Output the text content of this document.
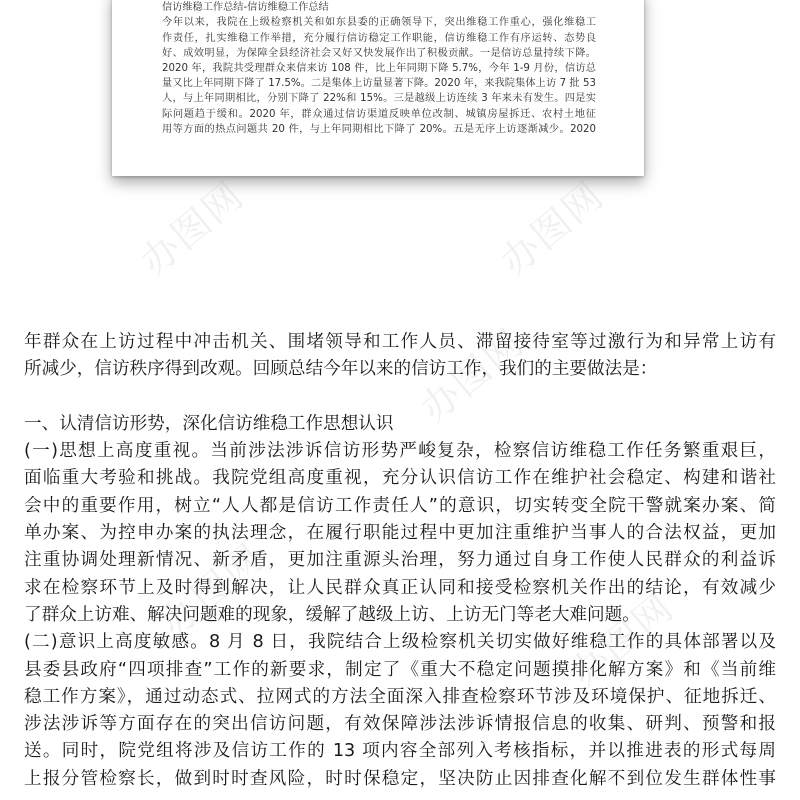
信访维稳工作总结-信访维稳工作总结

今年以来，我院在上级检察机关和如东县委的正确领导下，突出维稳工作重心，强化维稳工

作责任，扎实维稳工作举措，充分履行信访稳定工作职能，信访维稳工作有序运转、态势良

好、成效明显，为保障全县经济社会又好又快发展作出了积极贡献。一是信访总量持续下降。

2020 年，我院共受理群众来信来访 108 件，比上年同期下降 5.7%，今年 1-9 月份，信访总

量又比上年同期下降了 17.5%。二是集体上访量显著下降。2020 年，来我院集体上访 7 批 53

人，与上年同期相比，分别下降了 22%和 15%。三是越级上访连续 3 年来未有发生。四是实

际问题趋于缓和。2020 年，群众通过信访渠道反映单位改制、城镇房屋拆迁、农村土地征

用等方面的热点问题共 20 件，与上年同期相比下降了 20%。五是无序上访逐渐减少。2020

办图网	办图网
办图网
办图网	办图网

年群众在上访过程中冲击机关、围堵领导和工作人员、滞留接待室等过激行为和异常上访有

所减少，信访秩序得到改观。回顾总结今年以来的信访工作，我们的主要做法是：

一、认清信访形势，深化信访维稳工作思想认识

(一)思想上高度重视。当前涉法涉诉信访形势严峻复杂，检察信访维稳工作任务繁重艰巨，

面临重大考验和挑战。我院党组高度重视，充分认识信访工作在维护社会稳定、构建和谐社

会中的重要作用，树立“人人都是信访工作责任人”的意识，切实转变全院干警就案办案、简

单办案、为控申办案的执法理念，在履行职能过程中更加注重维护当事人的合法权益，更加

注重协调处理新情况、新矛盾，更加注重源头治理，努力通过自身工作使人民群众的利益诉

求在检察环节上及时得到解决，让人民群众真正认同和接受检察机关作出的结论，有效减少

了群众上访难、解决问题难的现象，缓解了越级上访、上访无门等老大难问题。

(二)意识上高度敏感。8 月 8 日，我院结合上级检察机关切实做好维稳工作的具体部署以及

县委县政府“四项排查”工作的新要求，制定了《重大不稳定问题摸排化解方案》和《当前维

稳工作方案》，通过动态式、拉网式的方法全面深入排查检察环节涉及环境保护、征地拆迁、

涉法涉诉等方面存在的突出信访问题，有效保障涉法涉诉情报信息的收集、研判、预警和报

送。同时，院党组将涉及信访工作的 13 项内容全部列入考核指标，并以推进表的形式每周

上报分管检察长，做到时时查风险，时时保稳定，坚决防止因排查化解不到位发生群体性事
